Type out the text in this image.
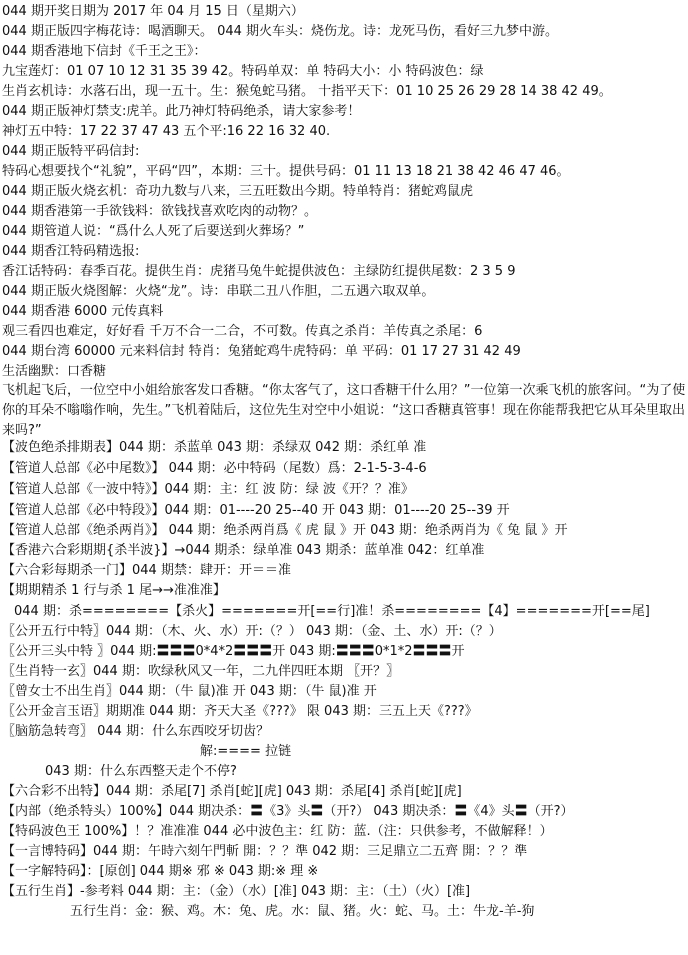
044 期开奖日期为 2017 年 04 月 15 日（星期六）
044 期正版四字梅花诗：喝酒聊天。 044 期火车头：烧伤龙。诗：龙死马伤，看好三九梦中游。
044 期香港地下信封《千王之王》：
九宝莲灯：01 07 10 12 31 35 39 42。特码单双：单 特码大小：小 特码波色：绿
生肖玄机诗：水落石出，现一五十。生：猴兔蛇马猪。 十指平天下：01 10 25 26 29 28 14 38 42 49。
044 期正版神灯禁支:虎羊。此乃神灯特码绝杀，请大家参考！
神灯五中特：17 22 37 47 43 五个平:16 22 16 32 40.
044 期正版特平码信封:
特码心想要找个“礼貌”，平码“四”，本期：三十。提供号码：01 11 13 18 21 38 42 46 47 46。
044 期正版火烧玄机：奇功九数与八来，三五旺数出今期。特单特肖：猪蛇鸡鼠虎
044 期香港第一手欲钱料：欲钱找喜欢吃肉的动物？。
044 期管道人说：“爲什么人死了后要送到火葬场？”
044 期香江特码精选报:
香江话特码：春季百花。提供生肖：虎猪马兔牛蛇提供波色：主绿防红提供尾数：2 3 5 9
044 期正版火烧图解：火烧“龙”。诗：串联二丑八作胆，二五遇六取双单。
044 期香港 6000 元传真料
观三看四也难定，好好看 千万不合一二合，不可数。传真之杀肖：羊传真之杀尾：6
044 期台湾 60000 元来料信封 特肖：兔猪蛇鸡牛虎特码：单 平码：01 17 27 31 42 49
生活幽默：口香糖
飞机起飞后，一位空中小姐给旅客发口香糖。“你太客气了，这口香糖干什么用？”一位第一次乘飞机的旅客问。“为了使你的耳朵不嗡嗡作响，先生。”飞机着陆后，这位先生对空中小姐说：“这口香糖真管事！现在你能帮我把它从耳朵里取出来吗?”
【波色绝杀排期表】044 期：杀蓝单 043 期：杀绿双 042 期：杀红单 准
【管道人总部《必中尾数》】 044 期：必中特码（尾数）爲：2-1-5-3-4-6
【管道人总部《一波中特》】044 期：主：红 波 防：绿 波《开？？准》
【管道人总部《必中特段》】044 期：01----20 25--40 开 043 期：01----20 25--39 开
【管道人总部《绝杀两肖》】 044 期：绝杀两肖爲《 虎 鼠 》开 043 期：绝杀两肖为《 兔 鼠 》开
【香港六合彩期期{杀半波}】→044 期杀：绿单准 043 期杀：蓝单准 042：红单准
【六合彩每期杀一门】044 期禁：肆开：开＝＝准
【期期精杀 1 行与杀 1 尾→→准准准】
044 期：杀========【杀火】=======开[==行]准！杀========【4】=======开[==尾]
〖公开五行中特〗044 期：（木、火、水）开:（？） 043 期：（金、土、水）开:（？）
〖公开三头中特 〗044 期:〓〓〓0*4*2〓〓〓开 043 期:〓〓〓0*1*2〓〓〓开
〖生肖特一玄〗044 期：吹绿秋风又一年，二九伴四旺本期 〖开？〗
〖曾女士不出生肖〗044 期：（牛 鼠)准 开 043 期：（牛 鼠)准 开
〖公开金言玉语〗期期准 044 期：齐天大圣《???》 限 043 期：三五上天《???》
〖脑筋急转弯〗 044 期：什么东西咬牙切齿？
解:==== 拉链
043 期：什么东西整天走个不停?
【六合彩不出特】044 期：杀尾[7] 杀肖[蛇][虎] 043 期：杀尾[4] 杀肖[蛇][虎]
【内部（绝杀特头）100%】044 期决杀：〓《3》头〓（开?） 043 期决杀：〓《4》头〓（开?）
【特码波色王 100%】！？准准准 044 必中波色主：红 防：蓝.（注：只供参考，不做解释！）
【一言博特码】044 期：午時六刻午門斬 開：？？準 042 期：三足鼎立二五齊 開：？？準
【一字解特码】：[原创] 044 期※ 邪 ※ 043 期:※ 理 ※
【五行生肖】-参考料 044 期：主：（金）（水）[准] 043 期：主：（土）（火）[准]
五行生肖：金：猴、鸡。木：兔、虎。水：鼠、猪。火：蛇、马。土：牛龙-羊-狗
